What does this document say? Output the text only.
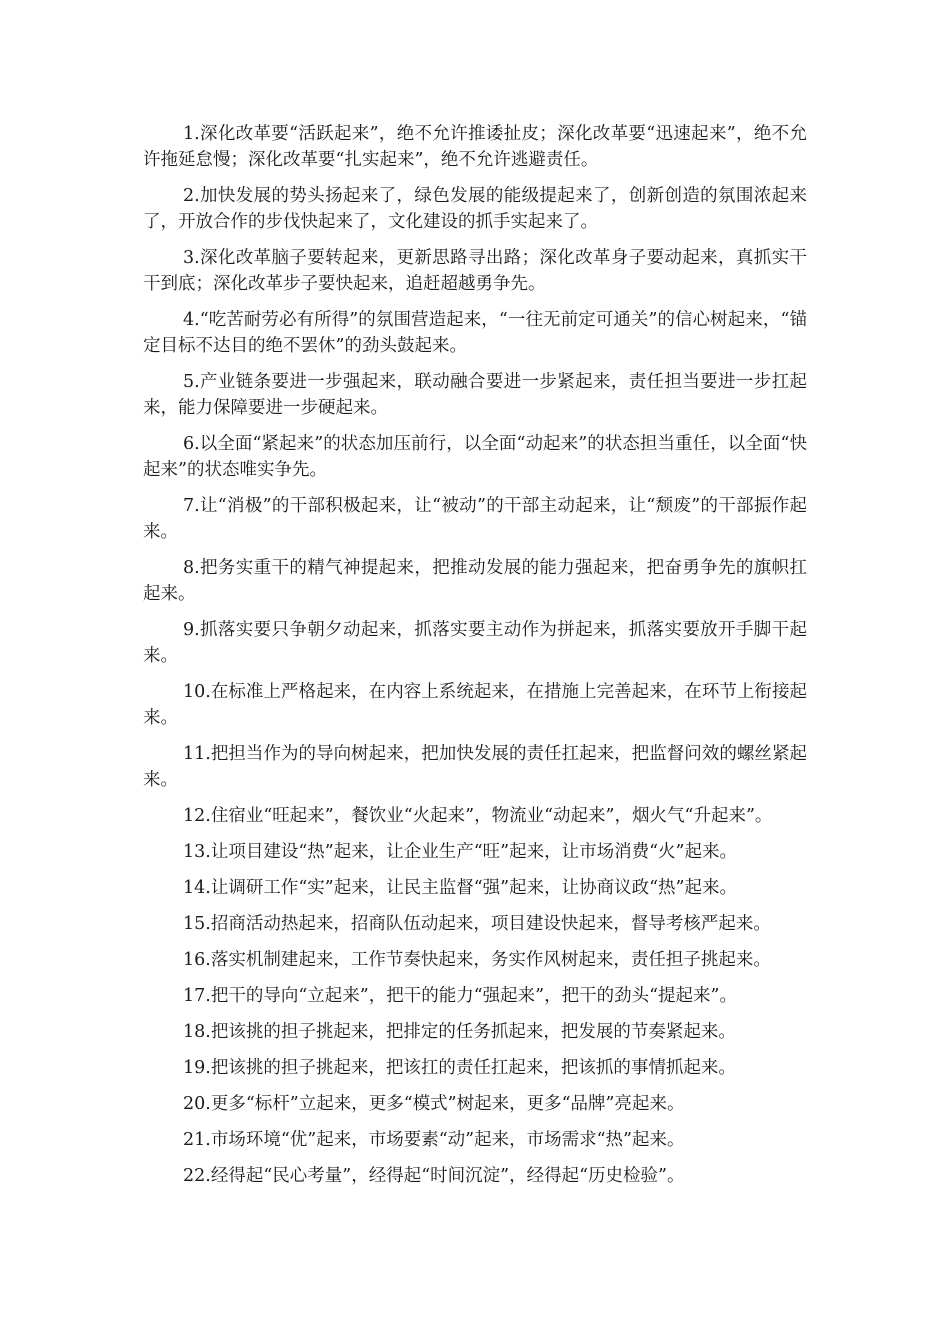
1.深化改革要“活跃起来”，绝不允许推诿扯皮；深化改革要“迅速起来”，绝不允许拖延怠慢；深化改革要“扎实起来”，绝不允许逃避责任。

2.加快发展的势头扬起来了，绿色发展的能级提起来了，创新创造的氛围浓起来了，开放合作的步伐快起来了，文化建设的抓手实起来了。

3.深化改革脑子要转起来，更新思路寻出路；深化改革身子要动起来，真抓实干干到底；深化改革步子要快起来，追赶超越勇争先。

4.“吃苦耐劳必有所得”的氛围营造起来，“一往无前定可通关”的信心树起来，“锚定目标不达目的绝不罢休”的劲头鼓起来。

5.产业链条要进一步强起来，联动融合要进一步紧起来，责任担当要进一步扛起来，能力保障要进一步硬起来。

6.以全面“紧起来”的状态加压前行，以全面“动起来”的状态担当重任，以全面“快起来”的状态唯实争先。

7.让“消极”的干部积极起来，让“被动”的干部主动起来，让“颓废”的干部振作起来。

8.把务实重干的精气神提起来，把推动发展的能力强起来，把奋勇争先的旗帜扛起来。

9.抓落实要只争朝夕动起来，抓落实要主动作为拼起来，抓落实要放开手脚干起来。

10.在标准上严格起来，在内容上系统起来，在措施上完善起来，在环节上衔接起来。

11.把担当作为的导向树起来，把加快发展的责任扛起来，把监督问效的螺丝紧起来。

12.住宿业“旺起来”，餐饮业“火起来”，物流业“动起来”，烟火气“升起来”。

13.让项目建设“热”起来，让企业生产“旺”起来，让市场消费“火”起来。

14.让调研工作“实”起来，让民主监督“强”起来，让协商议政“热”起来。

15.招商活动热起来，招商队伍动起来，项目建设快起来，督导考核严起来。

16.落实机制建起来，工作节奏快起来，务实作风树起来，责任担子挑起来。

17.把干的导向“立起来”，把干的能力“强起来”，把干的劲头“提起来”。

18.把该挑的担子挑起来，把排定的任务抓起来，把发展的节奏紧起来。

19.把该挑的担子挑起来，把该扛的责任扛起来，把该抓的事情抓起来。

20.更多“标杆”立起来，更多“模式”树起来，更多“品牌”亮起来。

21.市场环境“优”起来，市场要素“动”起来，市场需求“热”起来。

22.经得起“民心考量”，经得起“时间沉淀”，经得起“历史检验”。
